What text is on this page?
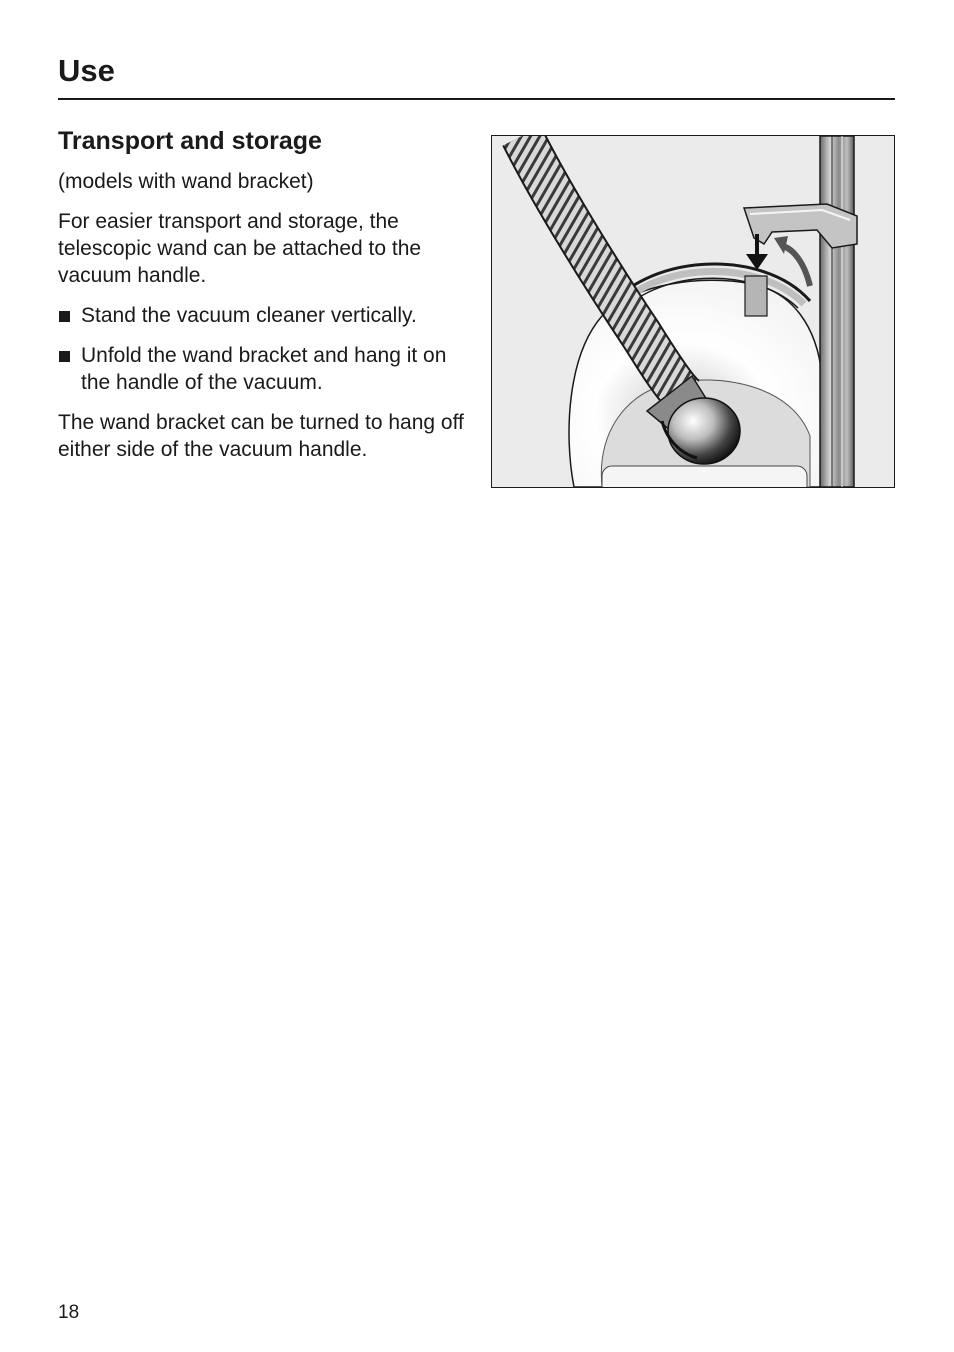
Use
Transport and storage

(models with wand bracket)

For easier transport and storage, the telescopic wand can be attached to the vacuum handle.

Stand the vacuum cleaner vertically.
Unfold the wand bracket and hang it on the handle of the vacuum.

The wand bracket can be turned to hang off either side of the vacuum handle.

18
